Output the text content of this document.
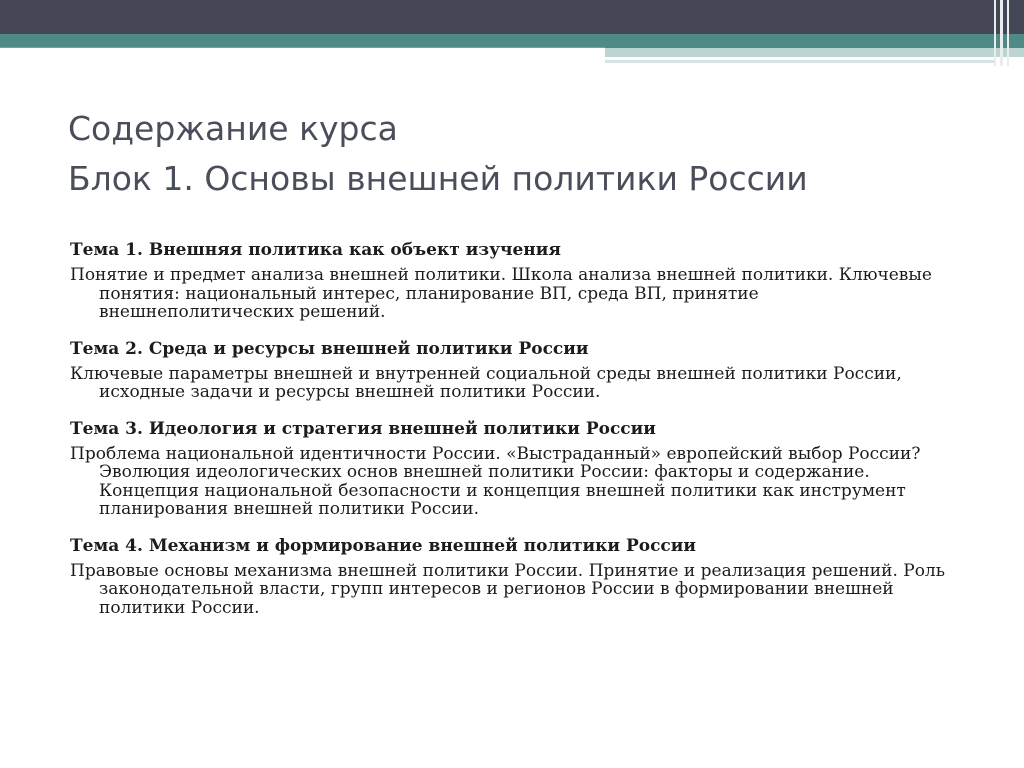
Содержание курса
Блок 1. Основы внешней политики России

Тема 1. Внешняя политика как объект изучения

Понятие и предмет анализа внешней политики. Школа анализа внешней политики. Ключевые понятия: национальный интерес, планирование ВП, среда ВП, принятие внешнеполитических решений.

Тема 2. Среда и ресурсы внешней политики России

Ключевые параметры внешней и внутренней социальной среды внешней политики России, исходные задачи и ресурсы внешней политики России.

Тема 3. Идеология и стратегия внешней политики России

Проблема национальной идентичности России. «Выстраданный» европейский выбор России? Эволюция идеологических основ внешней политики России: факторы и содержание. Концепция национальной безопасности и концепция внешней политики как инструмент планирования внешней политики России.

Тема 4. Механизм и формирование внешней политики России

Правовые основы механизма внешней политики России. Принятие и реализация решений. Роль законодательной власти, групп интересов и регионов России в формировании внешней политики России.
